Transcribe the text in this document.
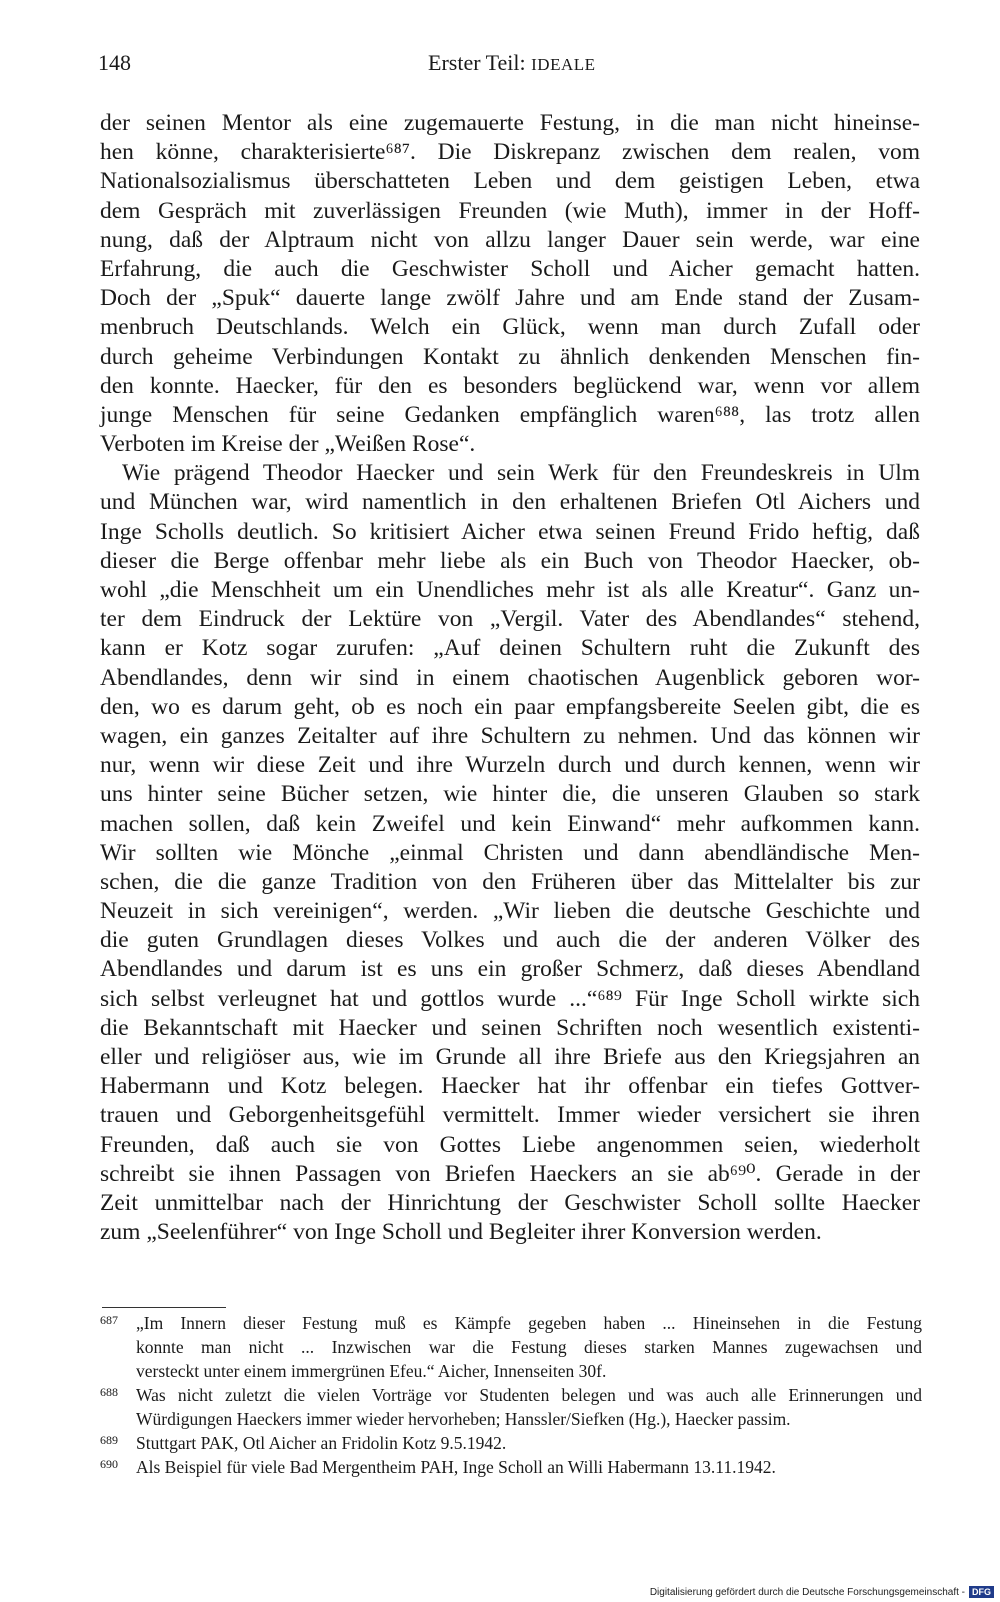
148	Erster Teil: IDEALE
der seinen Mentor als eine zugemauerte Festung, in die man nicht hineinse-
hen könne, charakterisierte⁶⁸⁷. Die Diskrepanz zwischen dem realen, vom
Nationalsozialismus überschatteten Leben und dem geistigen Leben, etwa
dem Gespräch mit zuverlässigen Freunden (wie Muth), immer in der Hoff-
nung, daß der Alptraum nicht von allzu langer Dauer sein werde, war eine
Erfahrung, die auch die Geschwister Scholl und Aicher gemacht hatten.
Doch der „Spuk“ dauerte lange zwölf Jahre und am Ende stand der Zusam-
menbruch Deutschlands. Welch ein Glück, wenn man durch Zufall oder
durch geheime Verbindungen Kontakt zu ähnlich denkenden Menschen fin-
den konnte. Haecker, für den es besonders beglückend war, wenn vor allem
junge Menschen für seine Gedanken empfänglich waren⁶⁸⁸, las trotz allen
Verboten im Kreise der „Weißen Rose“.
Wie prägend Theodor Haecker und sein Werk für den Freundeskreis in Ulm
und München war, wird namentlich in den erhaltenen Briefen Otl Aichers und
Inge Scholls deutlich. So kritisiert Aicher etwa seinen Freund Frido heftig, daß
dieser die Berge offenbar mehr liebe als ein Buch von Theodor Haecker, ob-
wohl „die Menschheit um ein Unendliches mehr ist als alle Kreatur“. Ganz un-
ter dem Eindruck der Lektüre von „Vergil. Vater des Abendlandes“ stehend,
kann er Kotz sogar zurufen: „Auf deinen Schultern ruht die Zukunft des
Abendlandes, denn wir sind in einem chaotischen Augenblick geboren wor-
den, wo es darum geht, ob es noch ein paar empfangsbereite Seelen gibt, die es
wagen, ein ganzes Zeitalter auf ihre Schultern zu nehmen. Und das können wir
nur, wenn wir diese Zeit und ihre Wurzeln durch und durch kennen, wenn wir
uns hinter seine Bücher setzen, wie hinter die, die unseren Glauben so stark
machen sollen, daß kein Zweifel und kein Einwand“ mehr aufkommen kann.
Wir sollten wie Mönche „einmal Christen und dann abendländische Men-
schen, die die ganze Tradition von den Früheren über das Mittelalter bis zur
Neuzeit in sich vereinigen“, werden. „Wir lieben die deutsche Geschichte und
die guten Grundlagen dieses Volkes und auch die der anderen Völker des
Abendlandes und darum ist es uns ein großer Schmerz, daß dieses Abendland
sich selbst verleugnet hat und gottlos wurde ...“⁶⁸⁹ Für Inge Scholl wirkte sich
die Bekanntschaft mit Haecker und seinen Schriften noch wesentlich existenti-
eller und religiöser aus, wie im Grunde all ihre Briefe aus den Kriegsjahren an
Habermann und Kotz belegen. Haecker hat ihr offenbar ein tiefes Gottver-
trauen und Geborgenheitsgefühl vermittelt. Immer wieder versichert sie ihren
Freunden, daß auch sie von Gottes Liebe angenommen seien, wiederholt
schreibt sie ihnen Passagen von Briefen Haeckers an sie ab⁶⁹⁰. Gerade in der
Zeit unmittelbar nach der Hinrichtung der Geschwister Scholl sollte Haecker
zum „Seelenführer“ von Inge Scholl und Begleiter ihrer Konversion werden.
687 „Im Innern dieser Festung muß es Kämpfe gegeben haben ... Hineinsehen in die Festung
konnte man nicht ... Inzwischen war die Festung dieses starken Mannes zugewachsen und
versteckt unter einem immergrünen Efeu.“ Aicher, Innenseiten 30f.
688 Was nicht zuletzt die vielen Vorträge vor Studenten belegen und was auch alle Erinnerungen und
Würdigungen Haeckers immer wieder hervorheben; Hanssler/Siefken (Hg.), Haecker passim.
689 Stuttgart PAK, Otl Aicher an Fridolin Kotz 9.5.1942.
690 Als Beispiel für viele Bad Mergentheim PAH, Inge Scholl an Willi Habermann 13.11.1942.
Digitalisierung gefördert durch die Deutsche Forschungsgemeinschaft - DFG
